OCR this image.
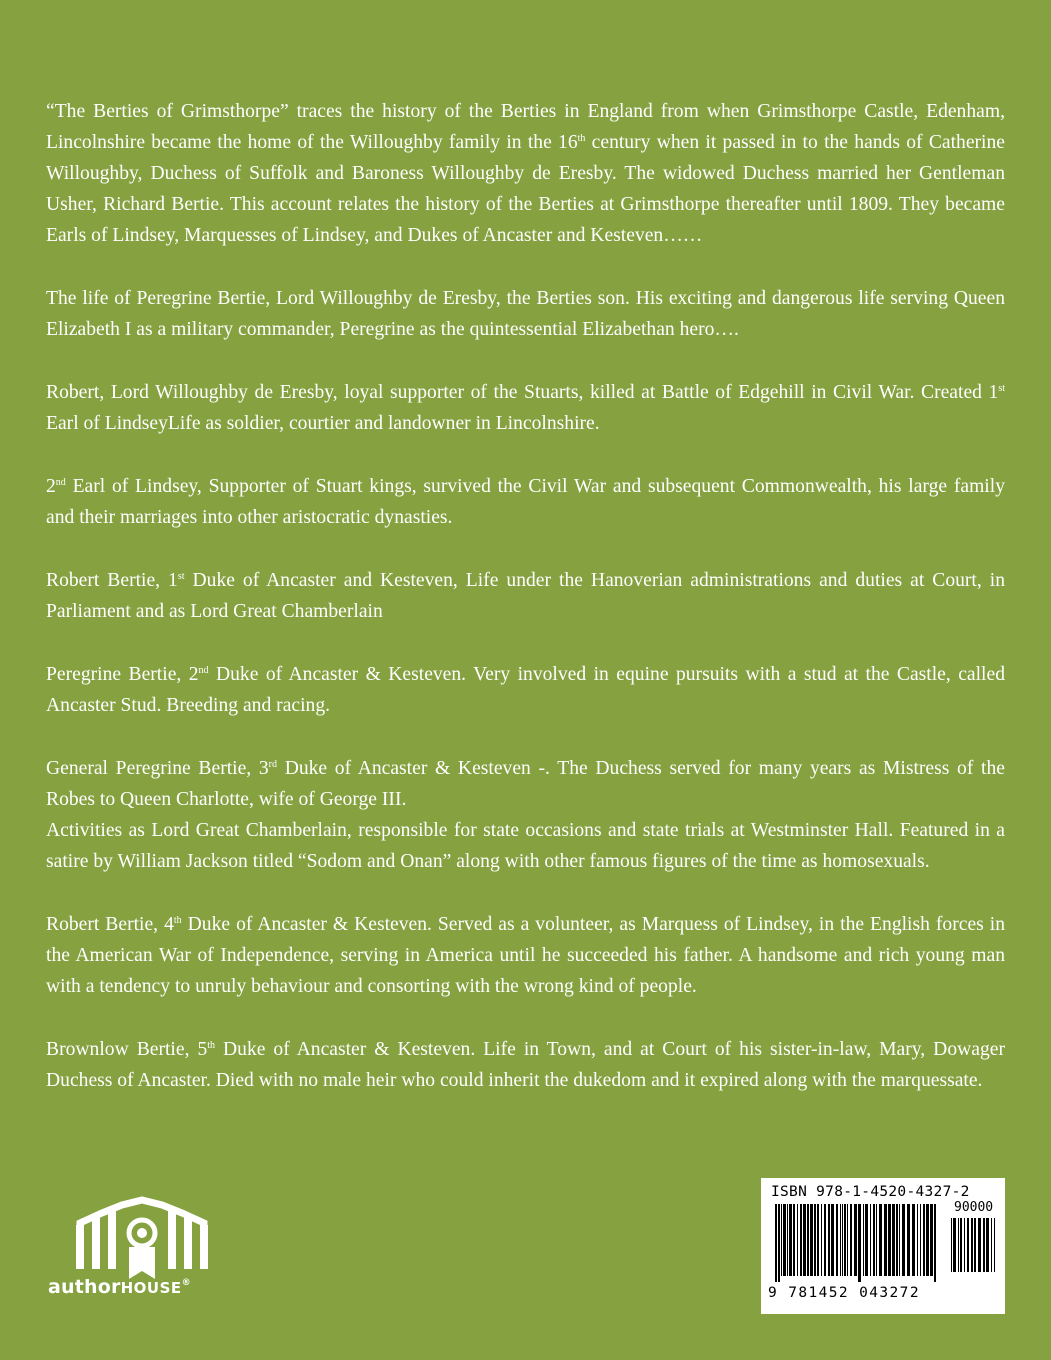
“The Berties of Grimsthorpe” traces the history of the Berties in England from when Grimsthorpe Castle, Edenham, Lincolnshire became the home of the Willoughby family in the 16th century when it passed in to the hands of Catherine Willoughby, Duchess of Suffolk and Baroness Willoughby de Eresby. The widowed Duchess married her Gentleman Usher, Richard Bertie. This account relates the history of the Berties at Grimsthorpe thereafter until 1809. They became Earls of Lindsey, Marquesses of Lindsey, and Dukes of Ancaster and Kesteven……

The life of Peregrine Bertie, Lord Willoughby de Eresby, the Berties son. His exciting and dangerous life serving Queen Elizabeth I as a military commander, Peregrine as the quintessential Elizabethan hero….

Robert, Lord Willoughby de Eresby, loyal supporter of the Stuarts, killed at Battle of Edgehill in Civil War. Created 1st Earl of LindseyLife as soldier, courtier and landowner in Lincolnshire.

2nd Earl of Lindsey, Supporter of Stuart kings, survived the Civil War and subsequent Commonwealth, his large family and their marriages into other aristocratic dynasties.

Robert Bertie, 1st Duke of Ancaster and Kesteven, Life under the Hanoverian administrations and duties at Court, in Parliament and as Lord Great Chamberlain

Peregrine Bertie, 2nd Duke of Ancaster & Kesteven. Very involved in equine pursuits with a stud at the Castle, called Ancaster Stud. Breeding and racing.

General Peregrine Bertie, 3rd Duke of Ancaster & Kesteven -. The Duchess served for many years as Mistress of the Robes to Queen Charlotte, wife of George III.
Activities as Lord Great Chamberlain, responsible for state occasions and state trials at Westminster Hall. Featured in a satire by William Jackson titled “Sodom and Onan” along with other famous figures of the time as homosexuals.

Robert Bertie, 4th Duke of Ancaster & Kesteven. Served as a volunteer, as Marquess of Lindsey, in the English forces in the American War of Independence, serving in America until he succeeded his father. A handsome and rich young man with a tendency to unruly behaviour and consorting with the wrong kind of people.

Brownlow Bertie, 5th Duke of Ancaster & Kesteven. Life in Town, and at Court of his sister-in-law, Mary, Dowager Duchess of Ancaster. Died with no male heir who could inherit the dukedom and it expired along with the marquessate.

authorHOUSE®
ISBN 978-1-4520-4327-2
90000
9 781452 043272
